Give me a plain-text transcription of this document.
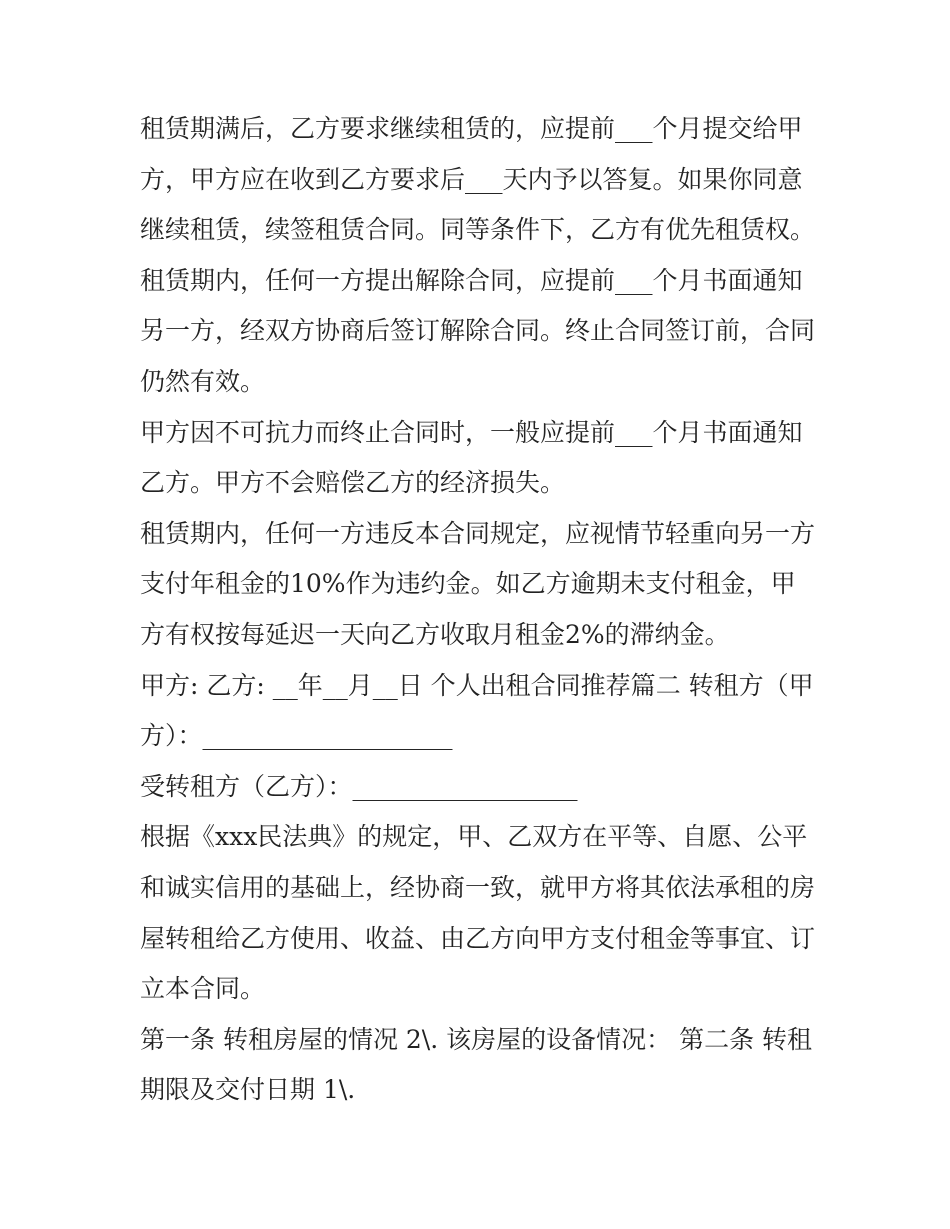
租赁期满后，乙方要求继续租赁的，应提前___个月提交给甲方，甲方应在收到乙方要求后___天内予以答复。如果你同意继续租赁，续签租赁合同。同等条件下，乙方有优先租赁权。

租赁期内，任何一方提出解除合同，应提前___个月书面通知另一方，经双方协商后签订解除合同。终止合同签订前，合同仍然有效。

甲方因不可抗力而终止合同时，一般应提前___个月书面通知乙方。甲方不会赔偿乙方的经济损失。

租赁期内，任何一方违反本合同规定，应视情节轻重向另一方支付年租金的10%作为违约金。如乙方逾期未支付租金，甲方有权按每延迟一天向乙方收取月租金2%的滞纳金。

甲方: 乙方: __年__月__日 个人出租合同推荐篇二 转租方（甲方）：____________________

受转租方（乙方）：__________________

根据《xxx民法典》的规定，甲、乙双方在平等、自愿、公平和诚实信用的基础上，经协商一致，就甲方将其依法承租的房屋转租给乙方使用、收益、由乙方向甲方支付租金等事宜、订立本合同。

第一条 转租房屋的情况 2\. 该房屋的设备情况： 第二条 转租期限及交付日期 1\.
